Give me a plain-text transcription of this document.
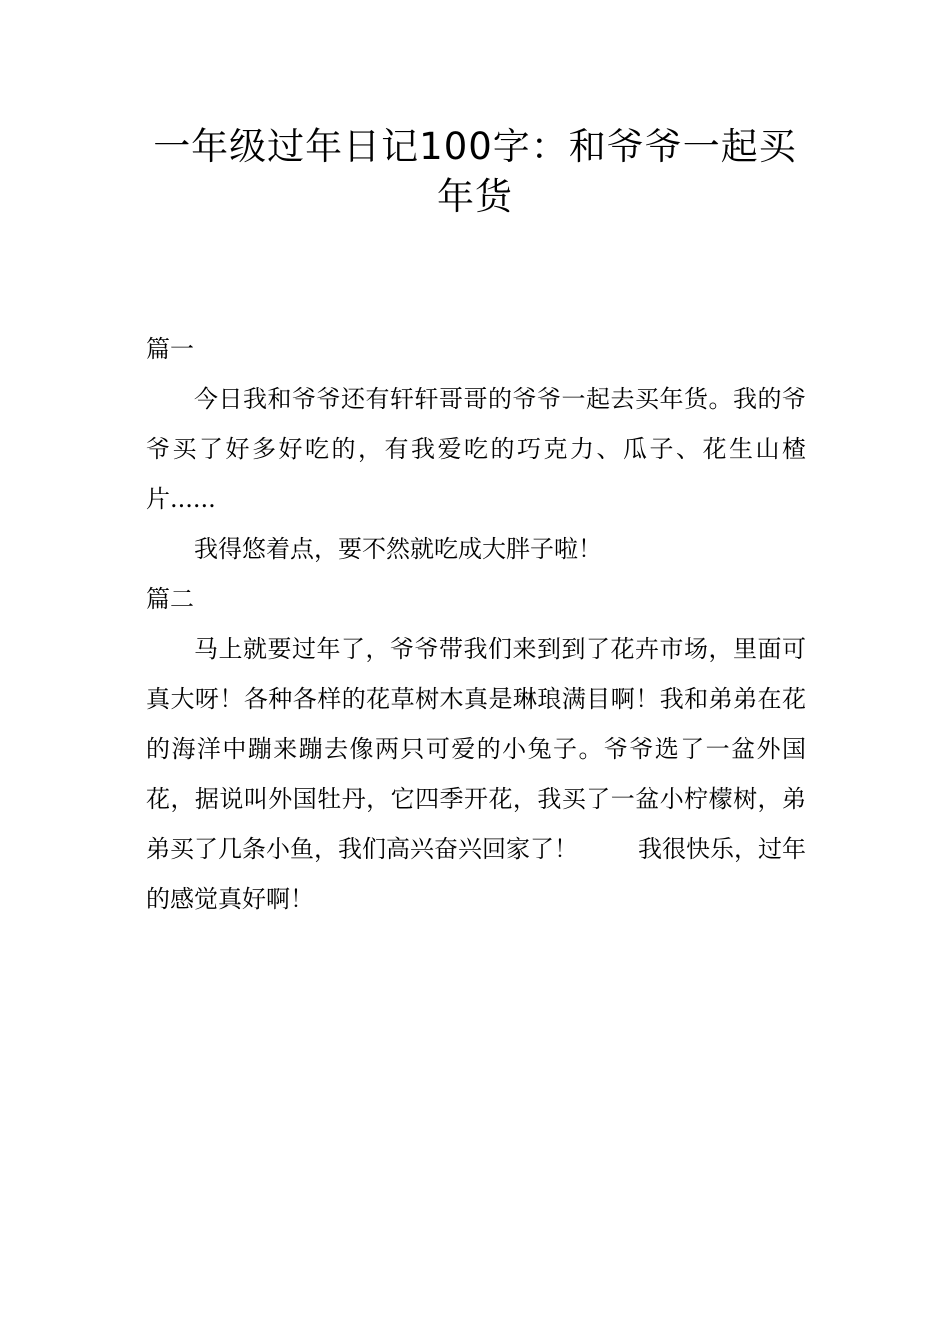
一年级过年日记100字：和爷爷一起买年货

篇一

今日我和爷爷还有轩轩哥哥的爷爷一起去买年货。我的爷爷买了好多好吃的，有我爱吃的巧克力、瓜子、花生山楂片......

我得悠着点，要不然就吃成大胖子啦！

篇二

马上就要过年了，爷爷带我们来到到了花卉市场，里面可真大呀！各种各样的花草树木真是琳琅满目啊！我和弟弟在花的海洋中蹦来蹦去像两只可爱的小兔子。爷爷选了一盆外国花，据说叫外国牡丹，它四季开花，我买了一盆小柠檬树，弟弟买了几条小鱼，我们高兴奋兴回家了！	我很快乐，过年的感觉真好啊！
